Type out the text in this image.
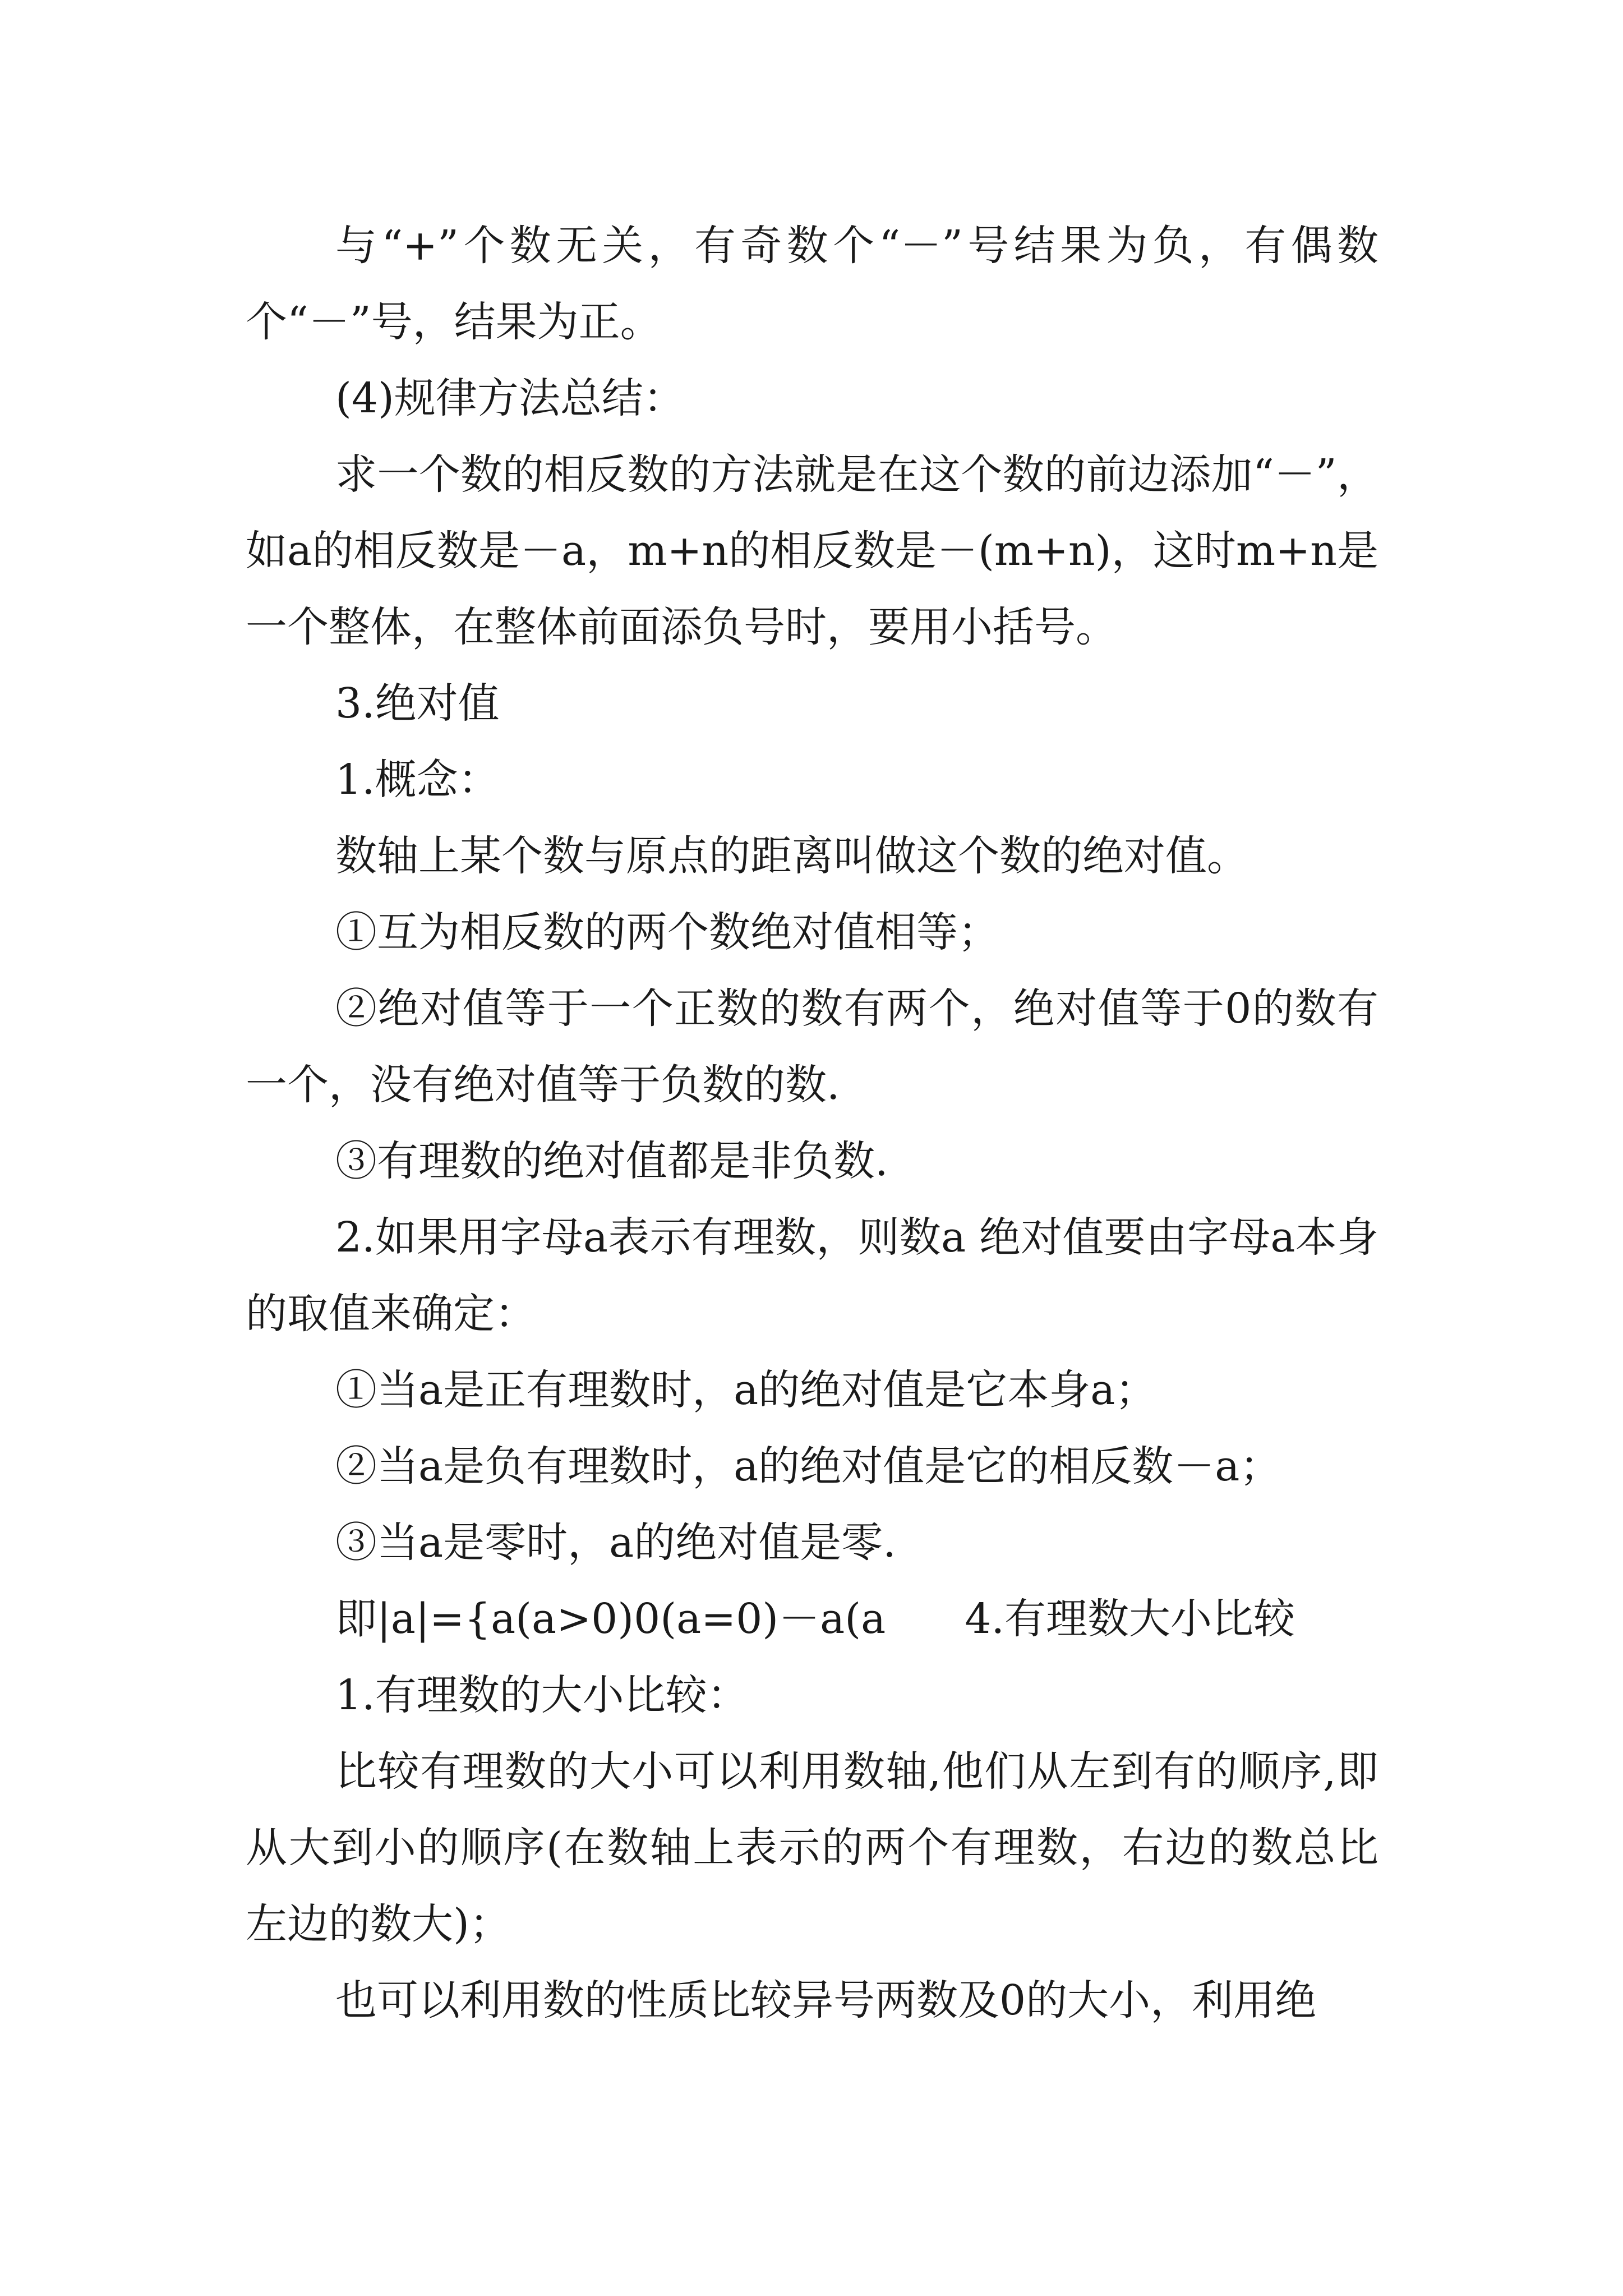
与“+”个数无关，有奇数个“－”号结果为负，有偶数个“－”号，结果为正。

(4)规律方法总结：

求一个数的相反数的方法就是在这个数的前边添加“－”，如a的相反数是－a，m+n的相反数是－(m+n)，这时m+n是一个整体，在整体前面添负号时，要用小括号。

3.绝对值

1.概念：

数轴上某个数与原点的距离叫做这个数的绝对值。

①互为相反数的两个数绝对值相等；

②绝对值等于一个正数的数有两个，绝对值等于0的数有一个，没有绝对值等于负数的数.

③有理数的绝对值都是非负数.

2.如果用字母a表示有理数，则数a 绝对值要由字母a本身的取值来确定：

①当a是正有理数时，a的绝对值是它本身a；

②当a是负有理数时，a的绝对值是它的相反数－a；

③当a是零时，a的绝对值是零.

即|a|={a(a>0)0(a=0)－a(a      4.有理数大小比较

1.有理数的大小比较：

比较有理数的大小可以利用数轴,他们从左到有的顺序,即从大到小的顺序(在数轴上表示的两个有理数，右边的数总比左边的数大)；

也可以利用数的性质比较异号两数及0的大小，利用绝
